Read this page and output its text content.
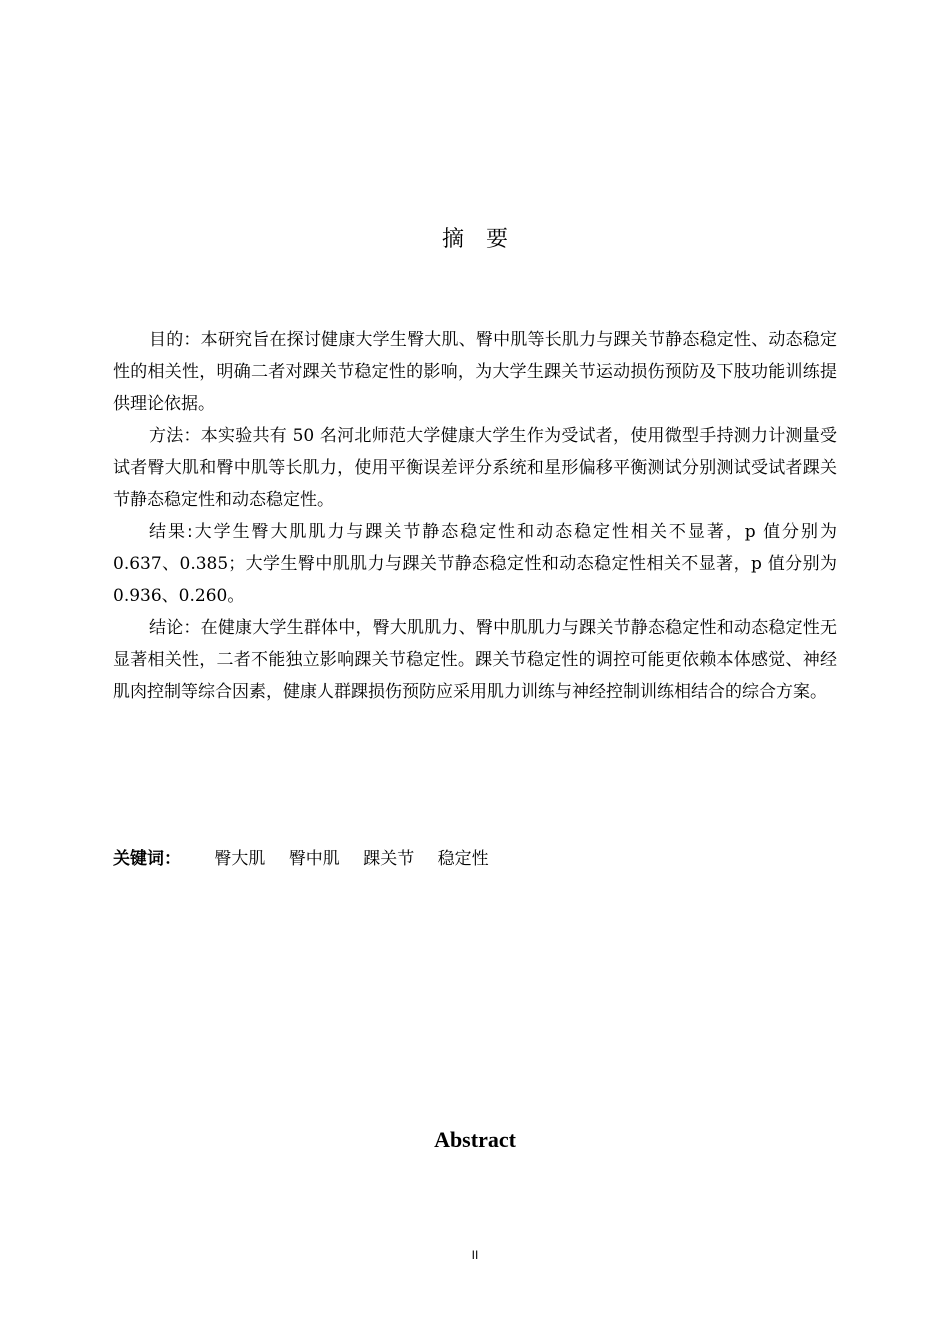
摘要

目的：本研究旨在探讨健康大学生臀大肌、臀中肌等长肌力与踝关节静态稳定性、动态稳定性的相关性，明确二者对踝关节稳定性的影响，为大学生踝关节运动损伤预防及下肢功能训练提供理论依据。

方法：本实验共有 50 名河北师范大学健康大学生作为受试者，使用微型手持测力计测量受试者臀大肌和臀中肌等长肌力，使用平衡误差评分系统和星形偏移平衡测试分别测试受试者踝关节静态稳定性和动态稳定性。

结果:大学生臀大肌肌力与踝关节静态稳定性和动态稳定性相关不显著，p 值分别为 0.637、0.385；大学生臀中肌肌力与踝关节静态稳定性和动态稳定性相关不显著，p 值分别为 0.936、0.260。

结论：在健康大学生群体中，臀大肌肌力、臀中肌肌力与踝关节静态稳定性和动态稳定性无显著相关性，二者不能独立影响踝关节稳定性。踝关节稳定性的调控可能更依赖本体感觉、神经肌肉控制等综合因素，健康人群踝损伤预防应采用肌力训练与神经控制训练相结合的综合方案。

关键词： 臀大肌 臀中肌 踝关节 稳定性
Abstract
II
